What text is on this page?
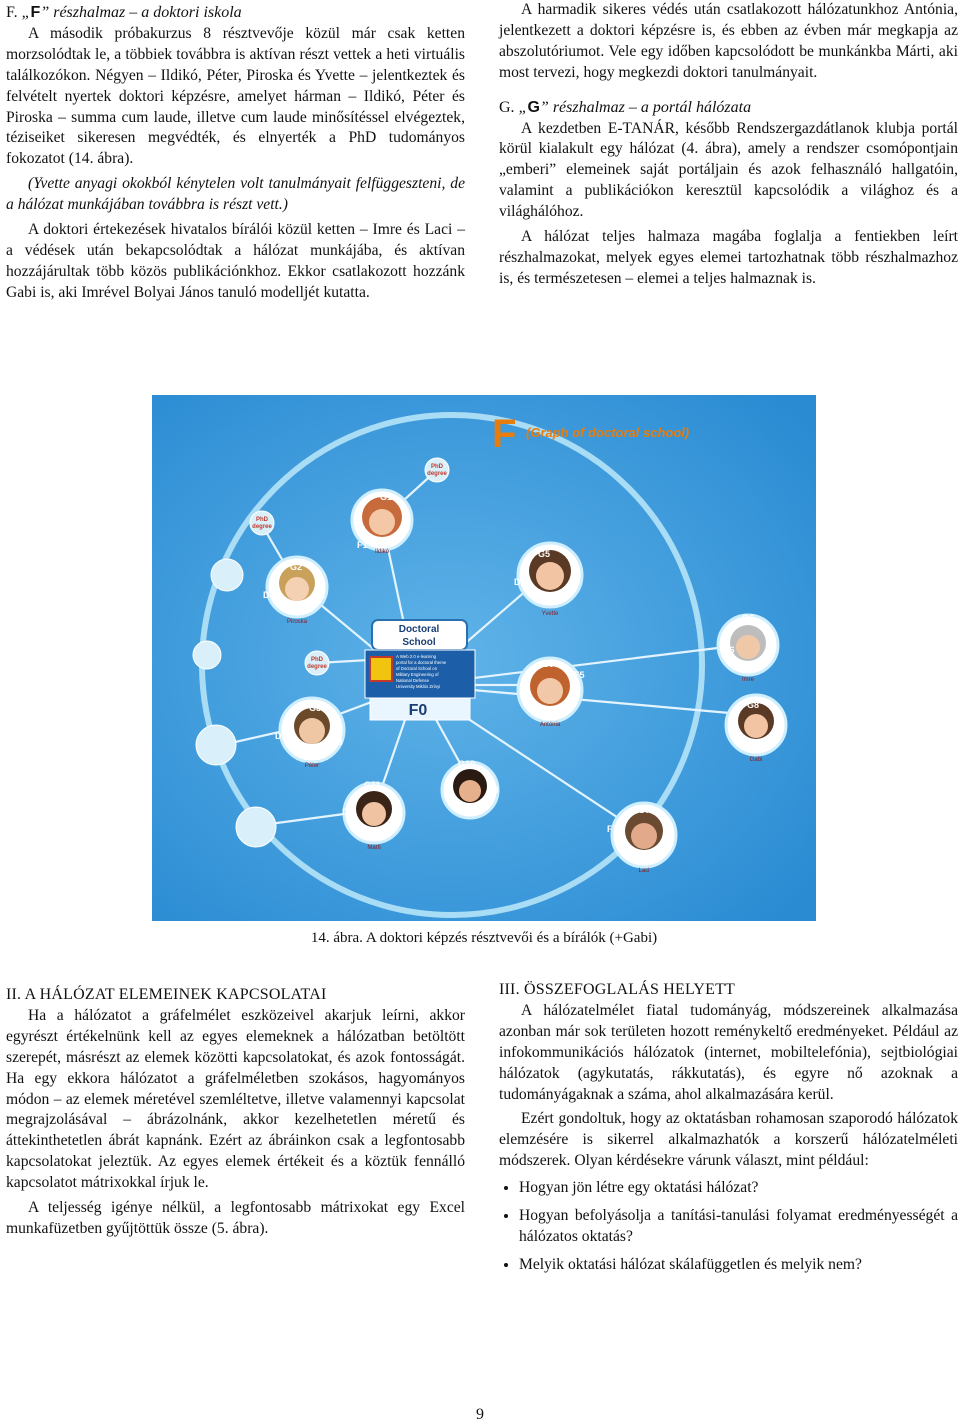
F. „F” részhalmaz – a doktori iskola

A második próbakurzus 8 résztvevője közül már csak ketten morzsolódtak le, a többiek továbbra is aktívan részt vettek a heti virtuális találkozókon. Négyen – Ildikó, Péter, Piroska és Yvette – jelentkeztek és felvételt nyertek doktori képzésre, amelyet hárman – Ildikó, Péter és Piroska – summa cum laude, illetve cum laude minősítéssel elvégeztek, téziseiket sikeresen megvédték, és elnyerték a PhD tudományos fokozatot (14. ábra).

(Yvette anyagi okokból kénytelen volt tanulmányait felfüggeszteni, de a hálózat munkájában továbbra is részt vett.)

A doktori értekezések hivatalos bírálói közül ketten – Imre és Laci – a védések után bekapcsolódtak a hálózat munkájába, és aktívan hozzájárultak több közös publikációnkhoz. Ekkor csatlakozott hozzánk Gabi is, aki Imrével Bolyai János tanuló modelljét kutatta.

A harmadik sikeres védés után csatlakozott hálózatunkhoz Antónia, jelentkezett a doktori képzésre is, és ebben az évben már megkapja az abszolutóriumot. Vele egy időben kapcsolódott be munkánkba Márti, aki most tervezi, hogy megkezdi doktori tanulmányait.

G. „G” részhalmaz – a portál hálózata

A kezdetben E-TANÁR, később Rendszergazdátlanok klubja portál körül kialakult egy hálózat (4. ábra), amely a rendszer csomópontjain „emberi” elemeinek saját portáljain és azok felhasználó hallgatóin, valamint a publikációkon keresztül kapcsolódik a világhoz és a világhálóhoz.

A hálózat teljes halmaza magába foglalja a fentiekben leírt részhalmazokat, melyek egyes elemei tartozhatnak több részhalmazhoz is, és természetesen – elemei a teljes halmaznak is.

PhD
degree
PhD
degree
PhD
degree
F (Graph of doctoral school)
Doctoral
School
A Web 2.0 e-learning
portal for a doctoral theme
of Doctoral School on
Military Engineering of
National Defense
University Miklós Zrínyi
F0
G1
F1
Ildikó
G2
D6	F2
Piroska
G5
D3	F4
Yvette	G6
F6
Imre
G9
F5
Antónia
G3
D1
F3
Péter
G8
Gabi
G11
D8
Márti
G10
F8
G7
F7
Laci
14. ábra. A doktori képzés résztvevői és a bírálók (+Gabi)

II. A HÁLÓZAT ELEMEINEK KAPCSOLATAI

Ha a hálózatot a gráfelmélet eszközeivel akarjuk leírni, akkor egyrészt értékelnünk kell az egyes elemeknek a hálózatban betöltött szerepét, másrészt az elemek közötti kapcsolatokat, és azok fontosságát. Ha egy ekkora hálózatot a gráfelméletben szokásos, hagyományos módon – az elemek méretével szemléltetve, illetve valamennyi kapcsolat megrajzolásával – ábrázolnánk, akkor kezelhetetlen méretű és áttekinthetetlen ábrát kapnánk. Ezért az ábráinkon csak a legfontosabb kapcsolatokat jeleztük. Az egyes elemek értékeit és a köztük fennálló kapcsolatot mátrixokkal írjuk le.

A teljesség igénye nélkül, a legfontosabb mátrixokat egy Excel munkafüzetben gyűjtöttük össze (5. ábra).

III. ÖSSZEFOGLALÁS HELYETT

A hálózatelmélet fiatal tudományág, módszereinek alkalmazása azonban már sok területen hozott reménykeltő eredményeket. Például az infokommunikációs hálózatok (internet, mobiltelefónia), sejtbiológiai hálózatok (agykutatás, rákkutatás), és egyre nő azoknak a tudományágaknak a száma, ahol alkalmazására kerül.

Ezért gondoltuk, hogy az oktatásban rohamosan szaporodó hálózatok elemzésére is sikerrel alkalmazhatók a korszerű hálózatelméleti módszerek. Olyan kérdésekre várunk választ, mint például:

• Hogyan jön létre egy oktatási hálózat?
• Hogyan befolyásolja a tanítási-tanulási folyamat eredményességét a hálózatos oktatás?
• Melyik oktatási hálózat skálafüggetlen és melyik nem?
9
